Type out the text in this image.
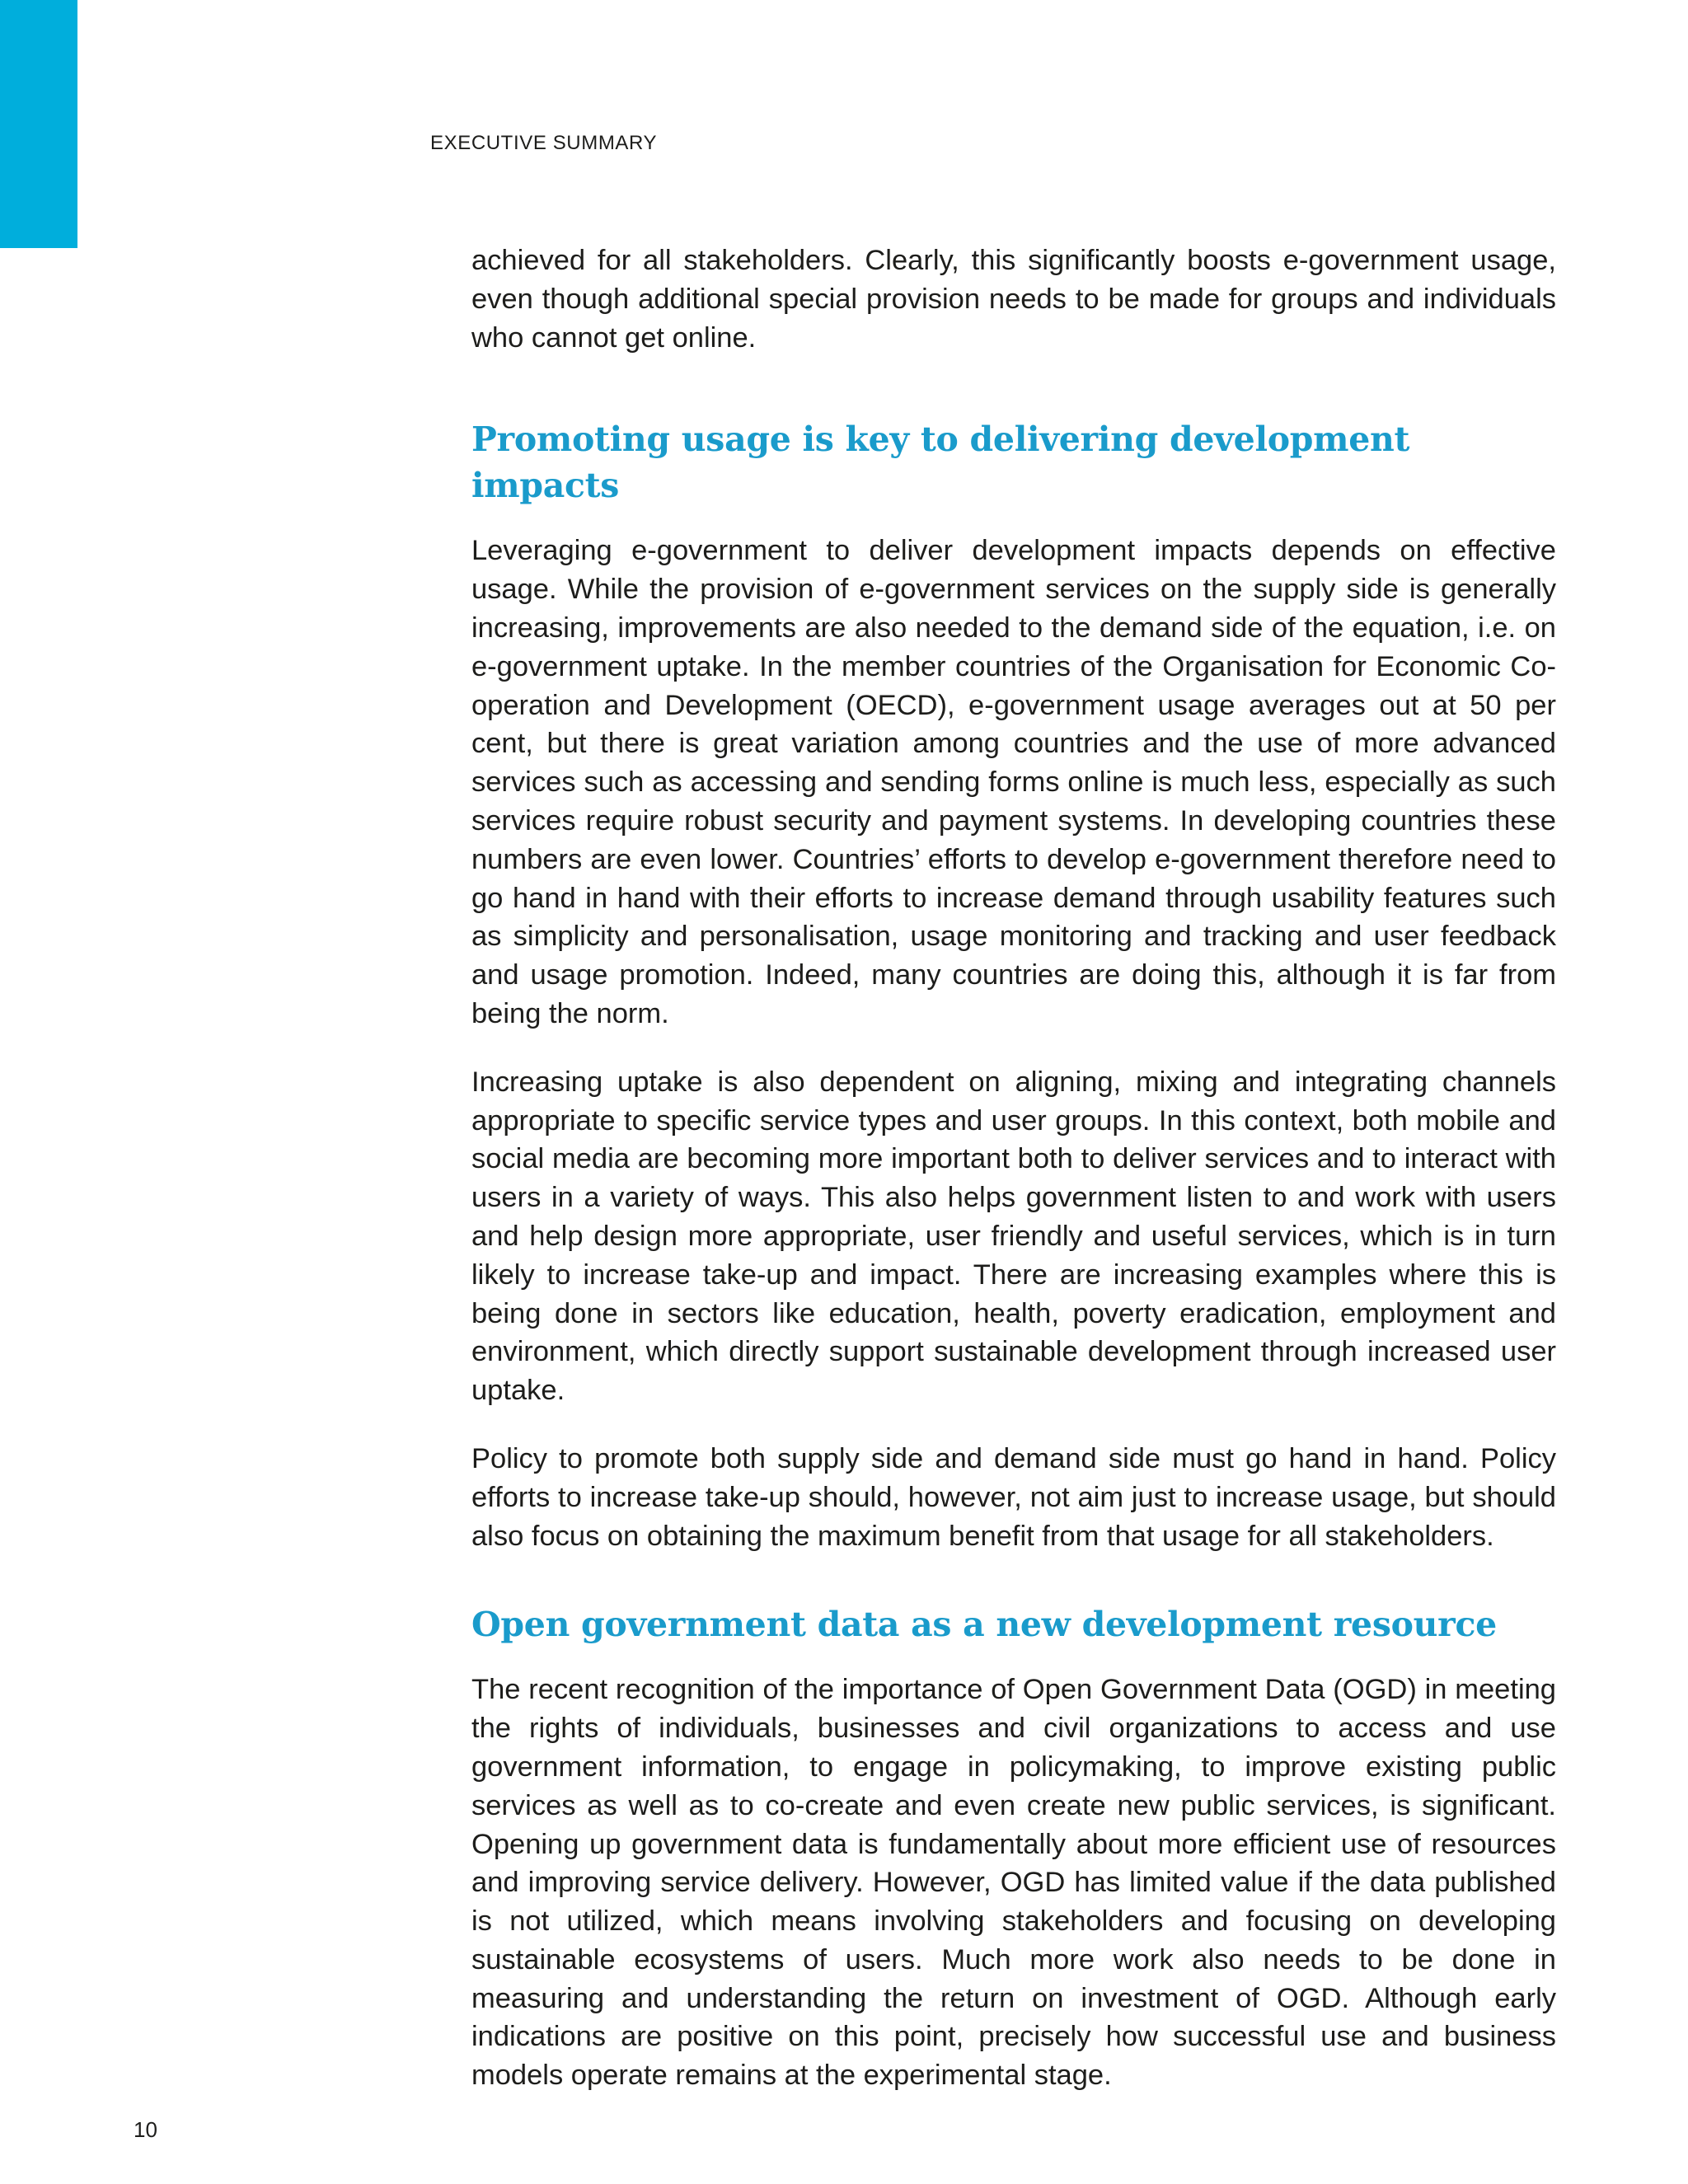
EXECUTIVE SUMMARY

achieved for all stakeholders. Clearly, this significantly boosts e-government usage, even though additional special provision needs to be made for groups and individuals who cannot get online.

Promoting usage is key to delivering development impacts

Leveraging e-government to deliver development impacts depends on effective usage. While the provision of e-government services on the supply side is generally increasing, improvements are also needed to the demand side of the equation, i.e. on e-government uptake. In the member countries of the Organisation for Economic Co-operation and Development (OECD), e-government usage averages out at 50 per cent, but there is great variation among countries and the use of more advanced services such as accessing and sending forms online is much less, especially as such services require robust security and payment systems. In developing countries these numbers are even lower. Countries’ efforts to develop e-government therefore need to go hand in hand with their efforts to increase demand through usability features such as simplicity and personalisation, usage monitoring and tracking and user feedback and usage promotion. Indeed, many countries are doing this, although it is far from being the norm.

Increasing uptake is also dependent on aligning, mixing and integrating channels appropriate to specific service types and user groups. In this context, both mobile and social media are becoming more important both to deliver services and to interact with users in a variety of ways. This also helps government listen to and work with users and help design more appropriate, user friendly and useful services, which is in turn likely to increase take-up and impact. There are increasing examples where this is being done in sectors like education, health, poverty eradication, employment and environment, which directly support sustainable development through increased user uptake.

Policy to promote both supply side and demand side must go hand in hand. Policy efforts to increase take-up should, however, not aim just to increase usage, but should also focus on obtaining the maximum benefit from that usage for all stakeholders.

Open government data as a new development resource

The recent recognition of the importance of Open Government Data (OGD) in meeting the rights of individuals, businesses and civil organizations to access and use government information, to engage in policymaking, to improve existing public services as well as to co-create and even create new public services, is significant. Opening up government data is fundamentally about more efficient use of resources and improving service delivery. However, OGD has limited value if the data published is not utilized, which means involving stakeholders and focusing on developing sustainable ecosystems of users. Much more work also needs to be done in measuring and understanding the return on investment of OGD. Although early indications are positive on this point, precisely how successful use and business models operate remains at the experimental stage.

10
